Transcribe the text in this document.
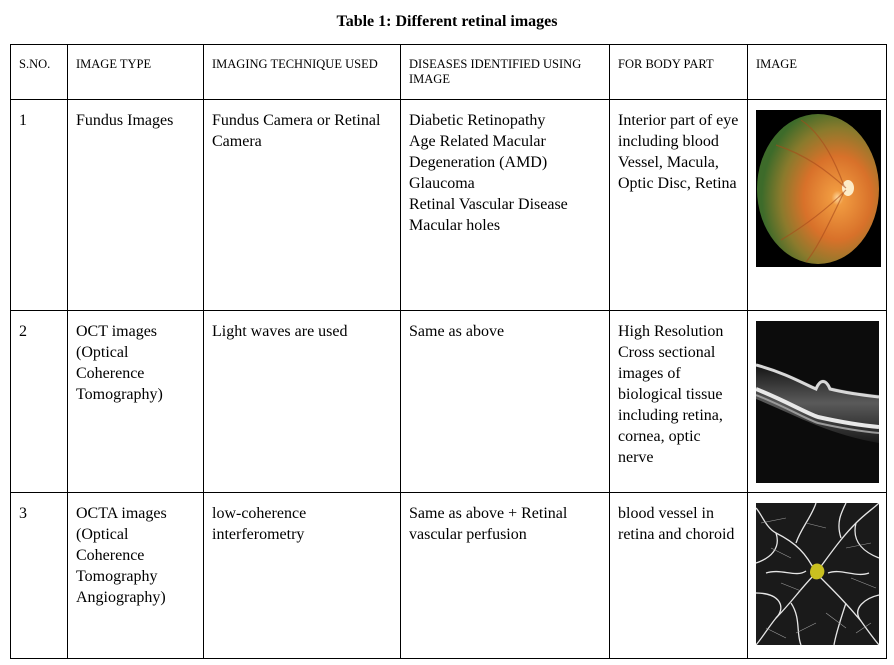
Table 1: Different retinal images
S.NO.	IMAGE TYPE	IMAGING TECHNIQUE USED	DISEASES IDENTIFIED USING IMAGE	FOR BODY PART	IMAGE
1	Fundus Images	Fundus Camera or Retinal Camera	Diabetic Retinopathy
Age Related Macular Degeneration (AMD)
Glaucoma
Retinal Vascular Disease
Macular holes	Interior part of eye including blood Vessel, Macula, Optic Disc, Retina	

2	OCT images (Optical Coherence Tomography)	Light waves are used	Same as above	High Resolution Cross sectional images of biological tissue including retina, cornea, optic nerve	

3	OCTA images (Optical Coherence Tomography Angiography)	low-coherence interferometry	Same as above + Retinal vascular perfusion	blood vessel in retina and choroid	
